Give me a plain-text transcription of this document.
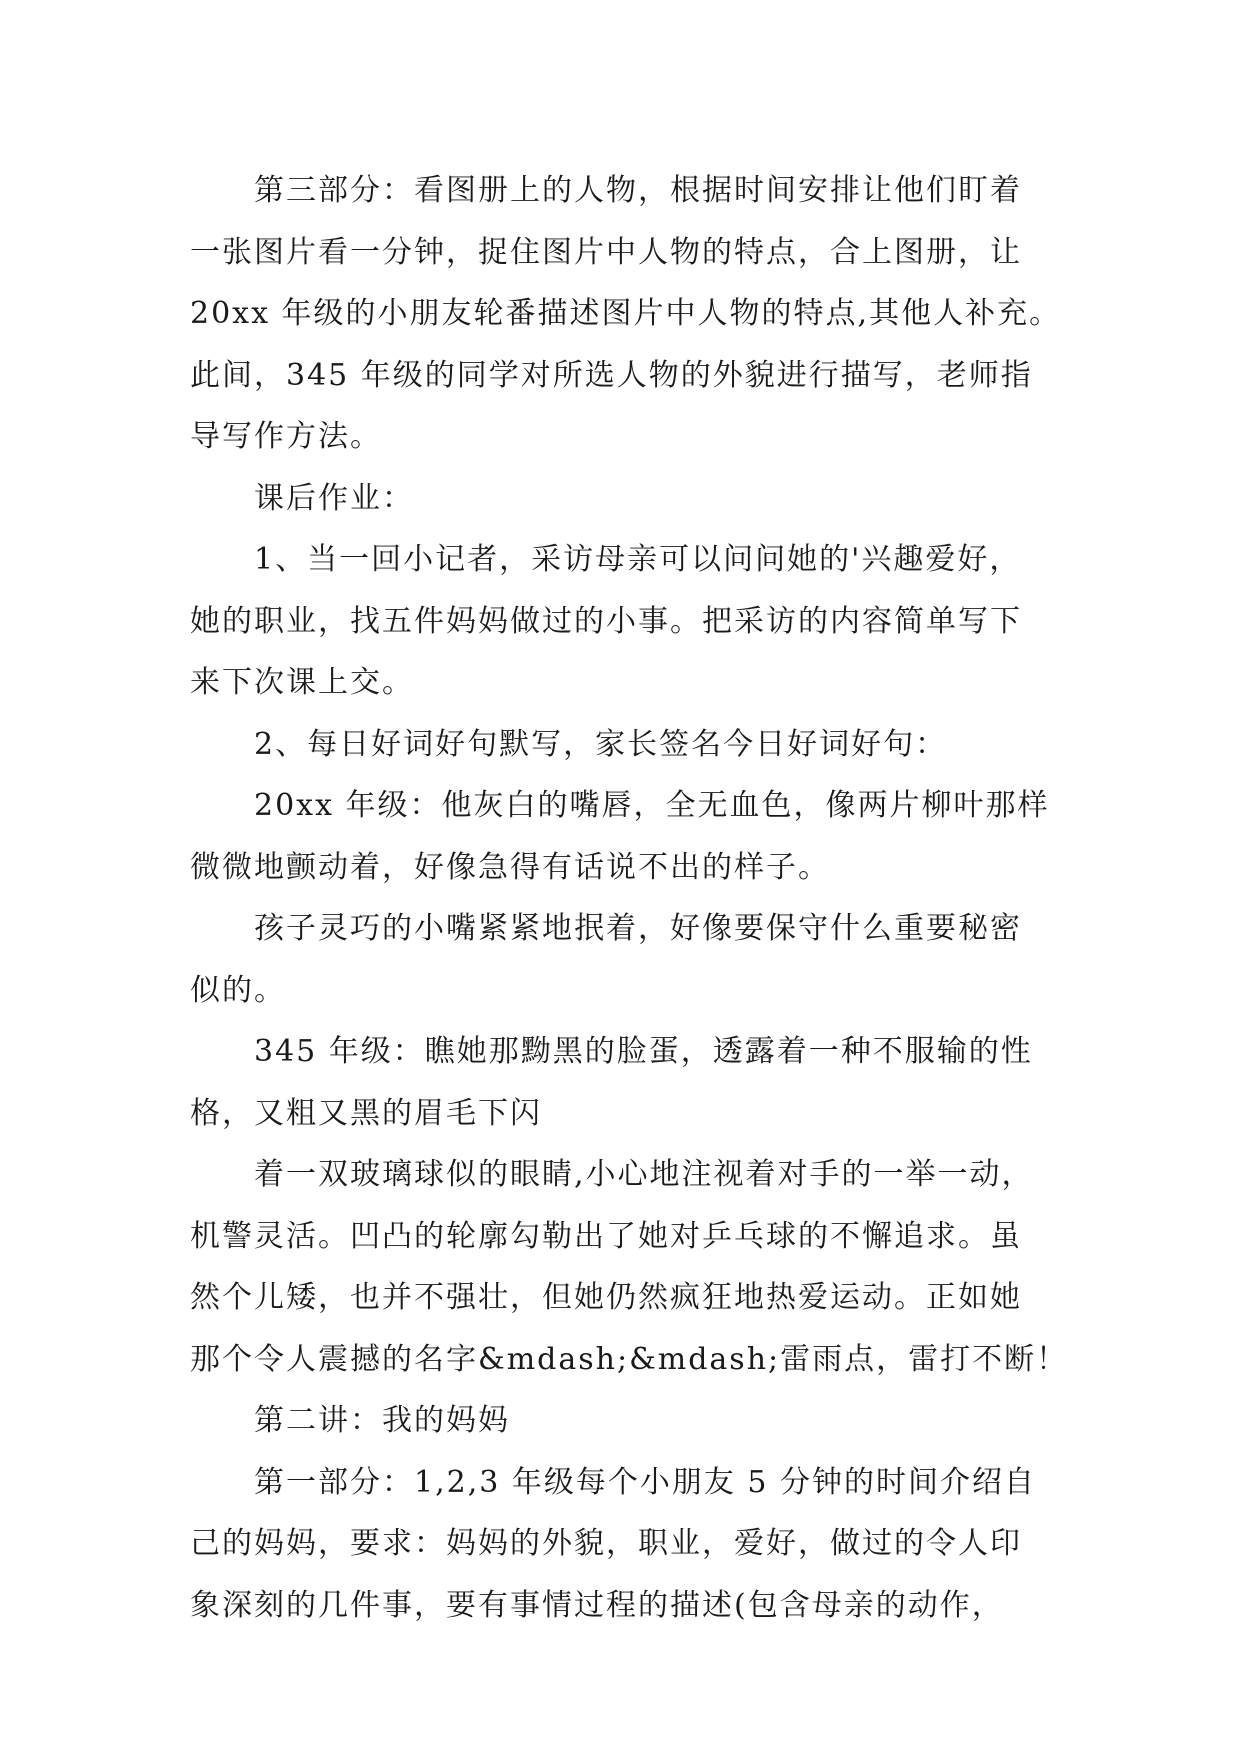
第三部分：看图册上的人物，根据时间安排让他们盯着
一张图片看一分钟，捉住图片中人物的特点，合上图册，让
20xx 年级的小朋友轮番描述图片中人物的特点,其他人补充。
此间，345 年级的同学对所选人物的外貌进行描写，老师指
导写作方法。
课后作业：
1、当一回小记者，采访母亲可以问问她的'兴趣爱好，
她的职业，找五件妈妈做过的小事。把采访的内容简单写下
来下次课上交。
2、每日好词好句默写，家长签名今日好词好句：
20xx 年级：他灰白的嘴唇，全无血色，像两片柳叶那样
微微地颤动着，好像急得有话说不出的样子。
孩子灵巧的小嘴紧紧地抿着，好像要保守什么重要秘密
似的。
345 年级：瞧她那黝黑的脸蛋，透露着一种不服输的性
格，又粗又黑的眉毛下闪
着一双玻璃球似的眼睛,小心地注视着对手的一举一动，
机警灵活。凹凸的轮廓勾勒出了她对乒乓球的不懈追求。虽
然个儿矮，也并不强壮，但她仍然疯狂地热爱运动。正如她
那个令人震撼的名字&mdash;&mdash;雷雨点，雷打不断！
第二讲：我的妈妈
第一部分：1,2,3 年级每个小朋友 5 分钟的时间介绍自
己的妈妈，要求：妈妈的外貌，职业，爱好，做过的令人印
象深刻的几件事，要有事情过程的描述(包含母亲的动作，
